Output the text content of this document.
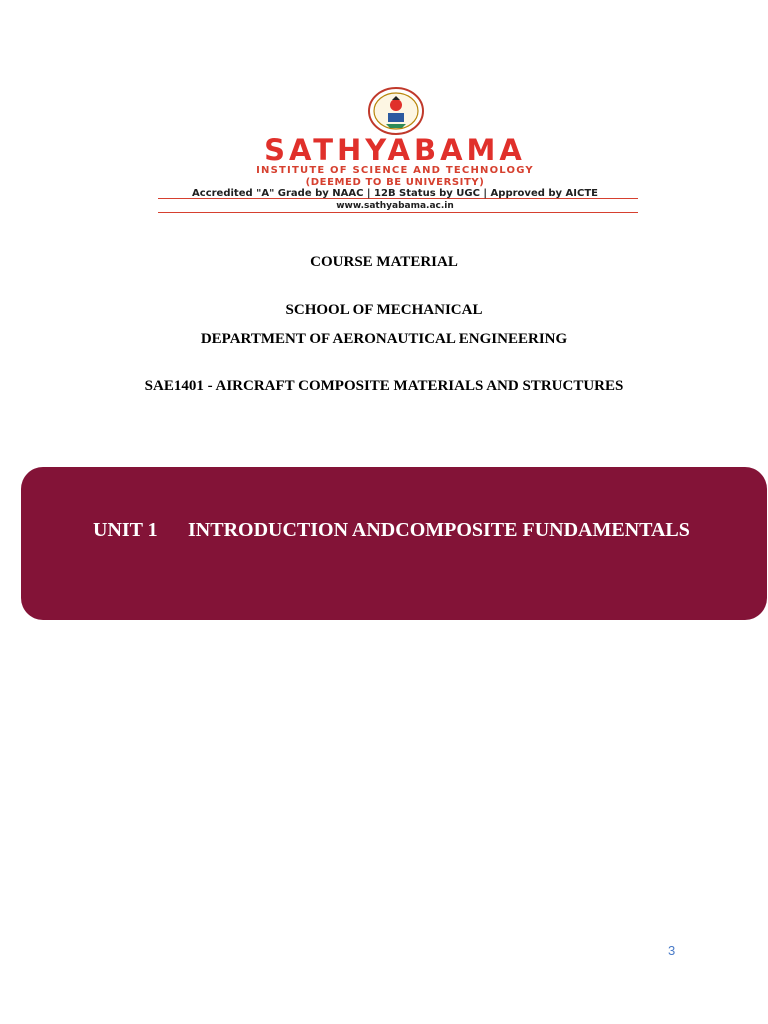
SATHYABAMA
INSTITUTE OF SCIENCE AND TECHNOLOGY
(DEEMED TO BE UNIVERSITY)
Accredited "A" Grade by NAAC | 12B Status by UGC | Approved by AICTE
www.sathyabama.ac.in
COURSE MATERIAL
SCHOOL OF MECHANICAL
DEPARTMENT OF AERONAUTICAL ENGINEERING
SAE1401 - AIRCRAFT COMPOSITE MATERIALS AND STRUCTURES
UNIT 1 INTRODUCTION ANDCOMPOSITE FUNDAMENTALS
3
